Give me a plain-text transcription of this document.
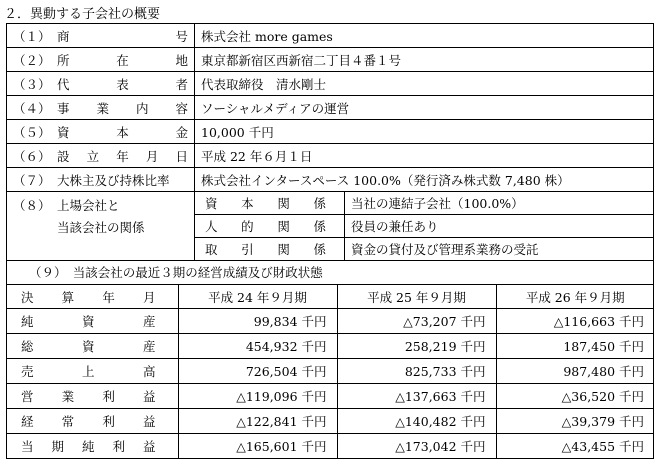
２．異動する子会社の概要
（１） 商	号	株式会社 more games

（２） 所	在	地	東京都新宿区西新宿二丁目４番１号

（３） 代	表	者	代表取締役　清水剛士

（４） 事 業 内 容	ソーシャルメディアの運営

（５） 資	本	金	10,000 千円

（６） 設 立 年 月 日	平成 22 年６月１日

（７） 大株主及び持株比率	株式会社インタースペース 100.0%（発行済み株式数 7,480 株）

（８） 上場会社と
当該会社の関係

資 本 関 係	当社の連結子会社（100.0%）

人 的 関 係	役員の兼任あり

取 引 関 係	資金の貸付及び管理系業務の受託

（９）　当該会社の最近３期の経営成績及び財政状態
決 算 年 月	平成 24 年９月期	平成 25 年９月期	平成 26 年９月期

純	資	産	99,834 千円	△73,207 千円	△116,663 千円

総	資	産	454,932 千円	258,219 千円	187,450 千円

売	上	高	726,504 千円	825,733 千円	987,480 千円

営 業 利 益	△119,096 千円	△137,663 千円	△36,520 千円

経 常 利 益	△122,841 千円	△140,482 千円	△39,379 千円

当 期 純 利 益	△165,601 千円	△173,042 千円	△43,455 千円
